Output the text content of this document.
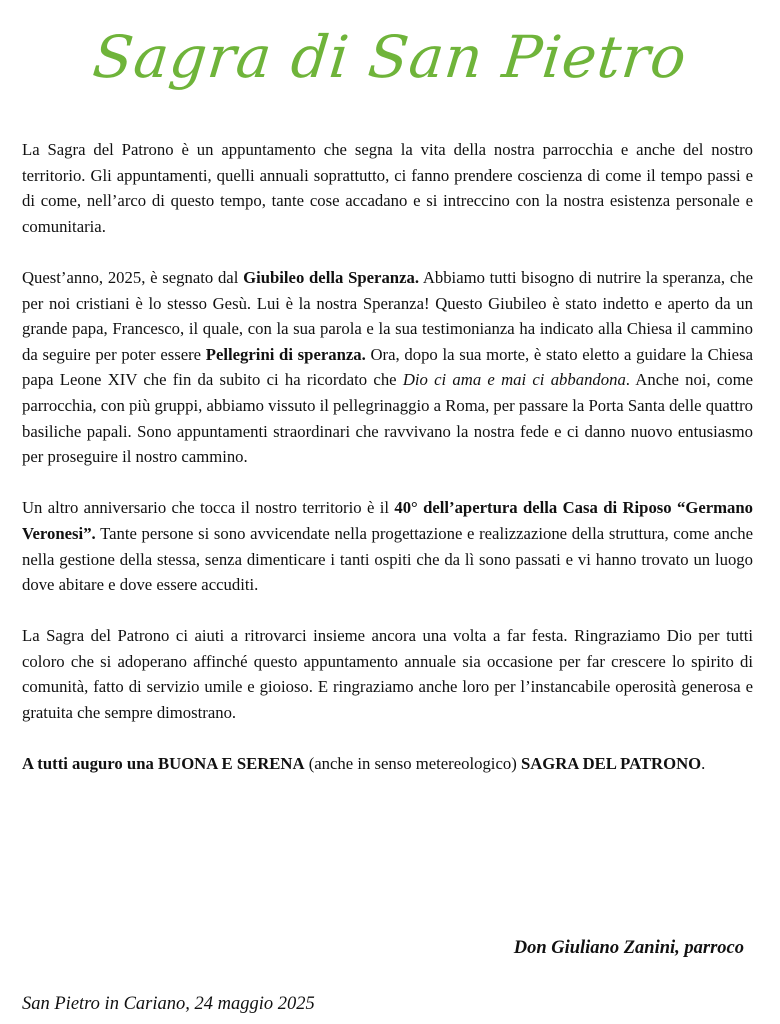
Sagra di San Pietro

La Sagra del Patrono è un appuntamento che segna la vita della nostra parrocchia e anche del nostro territorio. Gli appuntamenti, quelli annuali soprattutto, ci fanno prendere coscienza di come il tempo passi e di come, nell’arco di questo tempo, tante cose accadano e si intreccino con la nostra esistenza personale e comunitaria.

Quest’anno, 2025, è segnato dal Giubileo della Speranza. Abbiamo tutti bisogno di nutrire la speranza, che per noi cristiani è lo stesso Gesù. Lui è la nostra Speranza! Questo Giubileo è stato indetto e aperto da un grande papa, Francesco, il quale, con la sua parola e la sua testimonianza ha indicato alla Chiesa il cammino da seguire per poter essere Pellegrini di speranza. Ora, dopo la sua morte, è stato eletto a guidare la Chiesa papa Leone XIV che fin da subito ci ha ricordato che Dio ci ama e mai ci abbandona. Anche noi, come parrocchia, con più gruppi, abbiamo vissuto il pellegrinaggio a Roma, per passare la Porta Santa delle quattro basiliche papali. Sono appuntamenti straordinari che ravvivano la nostra fede e ci danno nuovo entusiasmo per proseguire il nostro cammino.

Un altro anniversario che tocca il nostro territorio è il 40° dell’apertura della Casa di Riposo “Germano Veronesi”. Tante persone si sono avvicendate nella progettazione e realizzazione della struttura, come anche nella gestione della stessa, senza dimenticare i tanti ospiti che da lì sono passati e vi hanno trovato un luogo dove abitare e dove essere accuditi.

La Sagra del Patrono ci aiuti a ritrovarci insieme ancora una volta a far festa. Ringraziamo Dio per tutti coloro che si adoperano affinché questo appuntamento annuale sia occasione per far crescere lo spirito di comunità, fatto di servizio umile e gioioso. E ringraziamo anche loro per l’instancabile operosità generosa e gratuita che sempre dimostrano.

A tutti auguro una BUONA E SERENA (anche in senso metereologico) SAGRA DEL PATRONO.

Don Giuliano Zanini, parroco
San Pietro in Cariano, 24 maggio 2025
